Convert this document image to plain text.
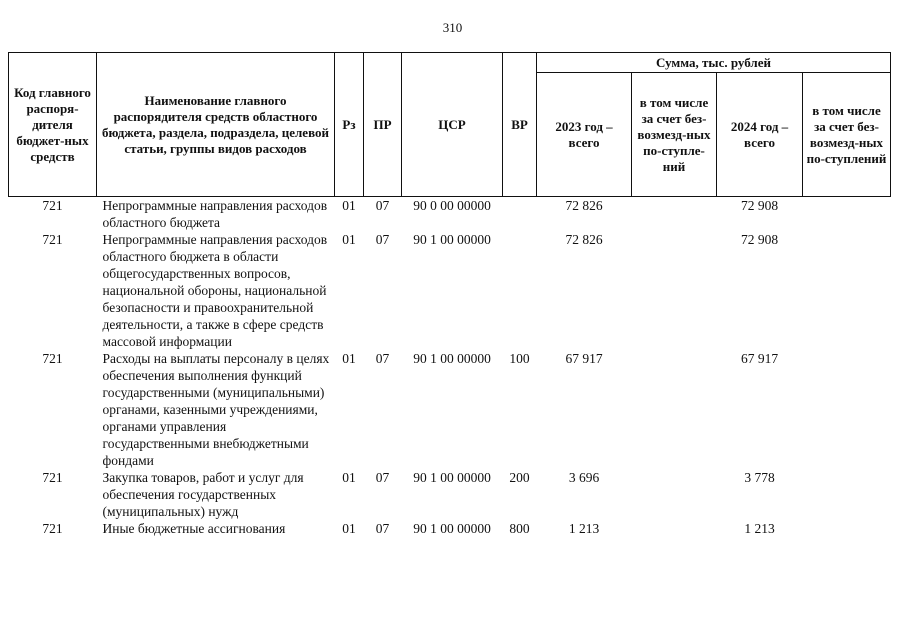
310
Код главного распоря-дителя бюджет-ных средств	Наименование главного распорядителя средств областного бюджета, раздела, подраздела, целевой статьи, группы видов расходов	Рз	ПР	ЦСР	ВР	Сумма, тыс. рублей			
						2023 год – всего	в том числе за счет без-возмезд-ных по-ступле-ний	2024 год – всего	в том числе за счет без-возмезд-ных по-ступлений
721	Непрограммные направления расходов областного бюджета	01	07	90 0 00 00000		72 826		72 908	
721	Непрограммные направления расходов областного бюджета в области общегосударственных вопросов, национальной обороны, национальной безопасности и правоохранительной деятельности, а также в сфере средств массовой информации	01	07	90 1 00 00000		72 826		72 908	
721	Расходы на выплаты персоналу в целях обеспечения выполнения функций государственными (муниципальными) органами, казенными учреждениями, органами управления государственными внебюджетными фондами	01	07	90 1 00 00000	100	67 917		67 917	
721	Закупка товаров, работ и услуг для обеспечения государственных (муниципальных) нужд	01	07	90 1 00 00000	200	3 696		3 778	
721	Иные бюджетные ассигнования	01	07	90 1 00 00000	800	1 213		1 213	
